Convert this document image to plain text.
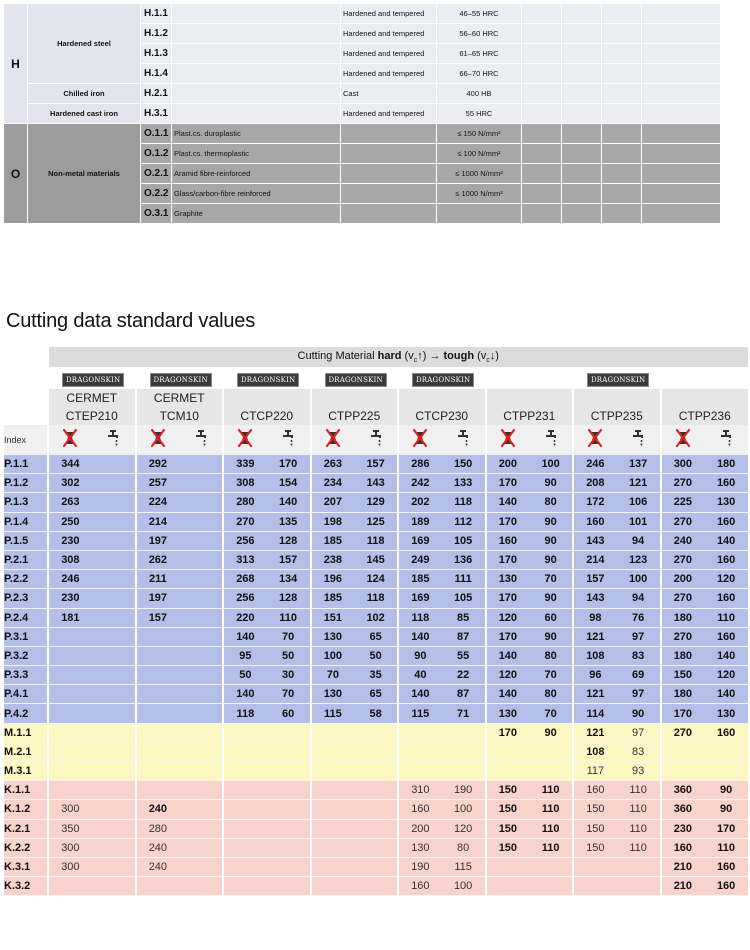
H	Hardened steel	H.1.1		Hardened and tempered	46–55 HRC				
		H.1.2		Hardened and tempered	56–60 HRC				
		H.1.3		Hardened and tempered	61–65 HRC				
		H.1.4		Hardened and tempered	66–70 HRC				
	Chilled iron	H.2.1		Cast	400 HB				
	Hardened cast iron	H.3.1		Hardened and tempered	55 HRC				
O	Non-metal materials	O.1.1	Plast.cs. duroplastic		≤ 150 N/mm²				
		O.1.2	Plast.cs. thermoplastic		≤ 100 N/mm²				
		O.2.1	Aramid fibre-reinforced		≤ 1000 N/mm²				
		O.2.2	Glass/carbon-fibre reinforced		≤ 1000 N/mm²				
		O.3.1	Graphite						
Cutting data standard values
	Cutting Material hard $(v_c↑)$ → tough $(v_c↓)$															
	DRAGONSKIN		DRAGONSKIN		DRAGONSKIN		DRAGONSKIN		DRAGONSKIN				DRAGONSKIN			
	CERMET		CERMET													
	CTEP210		TCM10		CTCP220		CTPP225		CTCP230		CTPP231		CTPP235		CTPP236	
Index																
P.1.1	344		292		339	170	263	157	286	150	200	100	246	137	300	180
P.1.2	302		257		308	154	234	143	242	133	170	90	208	121	270	160
P.1.3	263		224		280	140	207	129	202	118	140	80	172	106	225	130
P.1.4	250		214		270	135	198	125	189	112	170	90	160	101	270	160
P.1.5	230		197		256	128	185	118	169	105	160	90	143	94	240	140
P.2.1	308		262		313	157	238	145	249	136	170	90	214	123	270	160
P.2.2	246		211		268	134	196	124	185	111	130	70	157	100	200	120
P.2.3	230		197		256	128	185	118	169	105	170	90	143	94	270	160
P.2.4	181		157		220	110	151	102	118	85	120	60	98	76	180	110
P.3.1					140	70	130	65	140	87	170	90	121	97	270	160
P.3.2					95	50	100	50	90	55	140	80	108	83	180	140
P.3.3					50	30	70	35	40	22	120	70	96	69	150	120
P.4.1					140	70	130	65	140	87	140	80	121	97	180	140
P.4.2					118	60	115	58	115	71	130	70	114	90	170	130
M.1.1											170	90	121	97	270	160
M.2.1													108	83		
M.3.1													117	93		
K.1.1									310	190	150	110	160	110	360	90
K.1.2	300		240						160	100	150	110	150	110	360	90
K.2.1	350		280						200	120	150	110	150	110	230	170
K.2.2	300		240						130	80	150	110	150	110	160	110
K.3.1	300		240						190	115					210	160
K.3.2									160	100					210	160
